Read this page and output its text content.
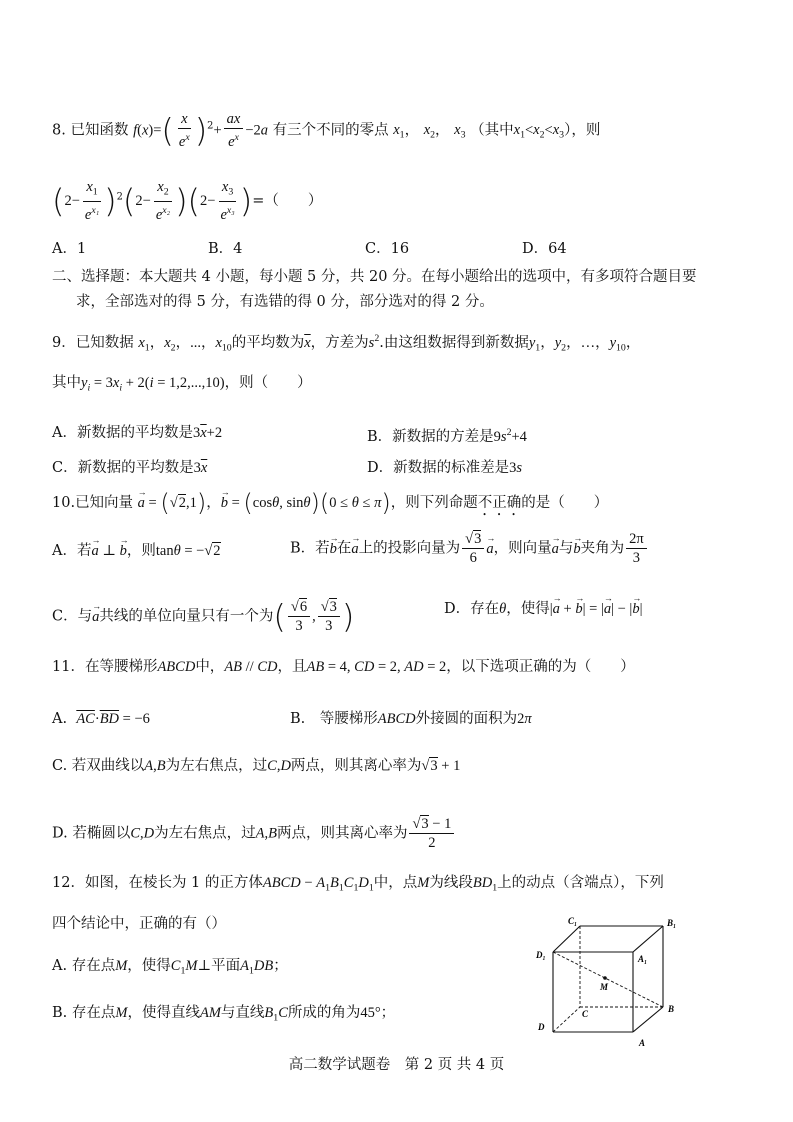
8. 已知函数 $f(x)=( \frac{x}{e^x} )^2+ \frac{ax}{e^x} -2a$ 有三个不同的零点 $x_1$， $x_2$， $x_3$ （其中$x_1<x_2<x_3$），则
$(2- \frac{x_1}{e^{x_1}} )^2(2- \frac{x_2}{e^{x_2}} )(2- \frac{x_3}{e^{x_3}}$ )=（　　）
A．1	B．4	C．16	D．64
二、选择题：本大题共 4 小题，每小题 5 分，共 20 分。在每小题给出的选项中，有多项符合题目要
求，全部选对的得 5 分，有选错的得 0 分，部分选对的得 2 分。
9．已知数据 $x_1$，$x_2$，...，$x_{10}$的平均数为$\overline{x}$，方差为$s^2$.由这组数据得到新数据$y_1$，$y_2$，…，$y_{10}$，
其中$y_i = 3x_i + 2(i = 1,2,...,10)$，则（　　）
A．新数据的平均数是$3\overline{x}+2$	B．新数据的方差是$9s^2+4$
C．新数据的平均数是$3\overline{x}$	D．新数据的标准差是3s
10.已知向量 → a = (√2,1)，→ b = (cosθ, sinθ)(0 ≤ θ ≤ π)，则下列命题不正确的是（　　）
A．若→ a ⊥ → b，则tanθ = −√2	B．若→ b在→ a上的投影向量为 $\frac{√3}{6} \to a$，则向量→ a与→ b夹角为 $\frac{2\pi}{3}$
C．与→ a共线的单位向量只有一个为( $\frac{√6}{3}$ , $\frac{√3}{3}$ )	D．存在θ，使得|→ a + → b| = |→ a| − |→ b|
11．在等腰梯形ABCD中，AB // CD，且AB = 4, CD = 2, AD = 2，以下选项正确的为（　　）
A. $\overline{AC}\cdot\overline{BD} = -6$	B.　等腰梯形ABCD外接圆的面积为2π
C. 若双曲线以A,B为左右焦点，过C,D两点，则其离心率为√3 + 1
D. 若椭圆以C,D为左右焦点，过A,B两点，则其离心率为 $\frac{√3 - 1}{2}$
12．如图，在棱长为 1 的正方体ABCD − $A_1B_1C_1D_1$中，点M为线段$BD_1$上的动点（含端点），下列
四个结论中，正确的有（）
A. 存在点M，使得$C_1M\perp$平面$A_1DB$；
B. 存在点M，使得直线AM与直线$B_1C$所成的角为45°；
C₁	B₁
D₁	A₁
M
D
C	B
A
高二数学试题卷　第 2 页 共 4 页
